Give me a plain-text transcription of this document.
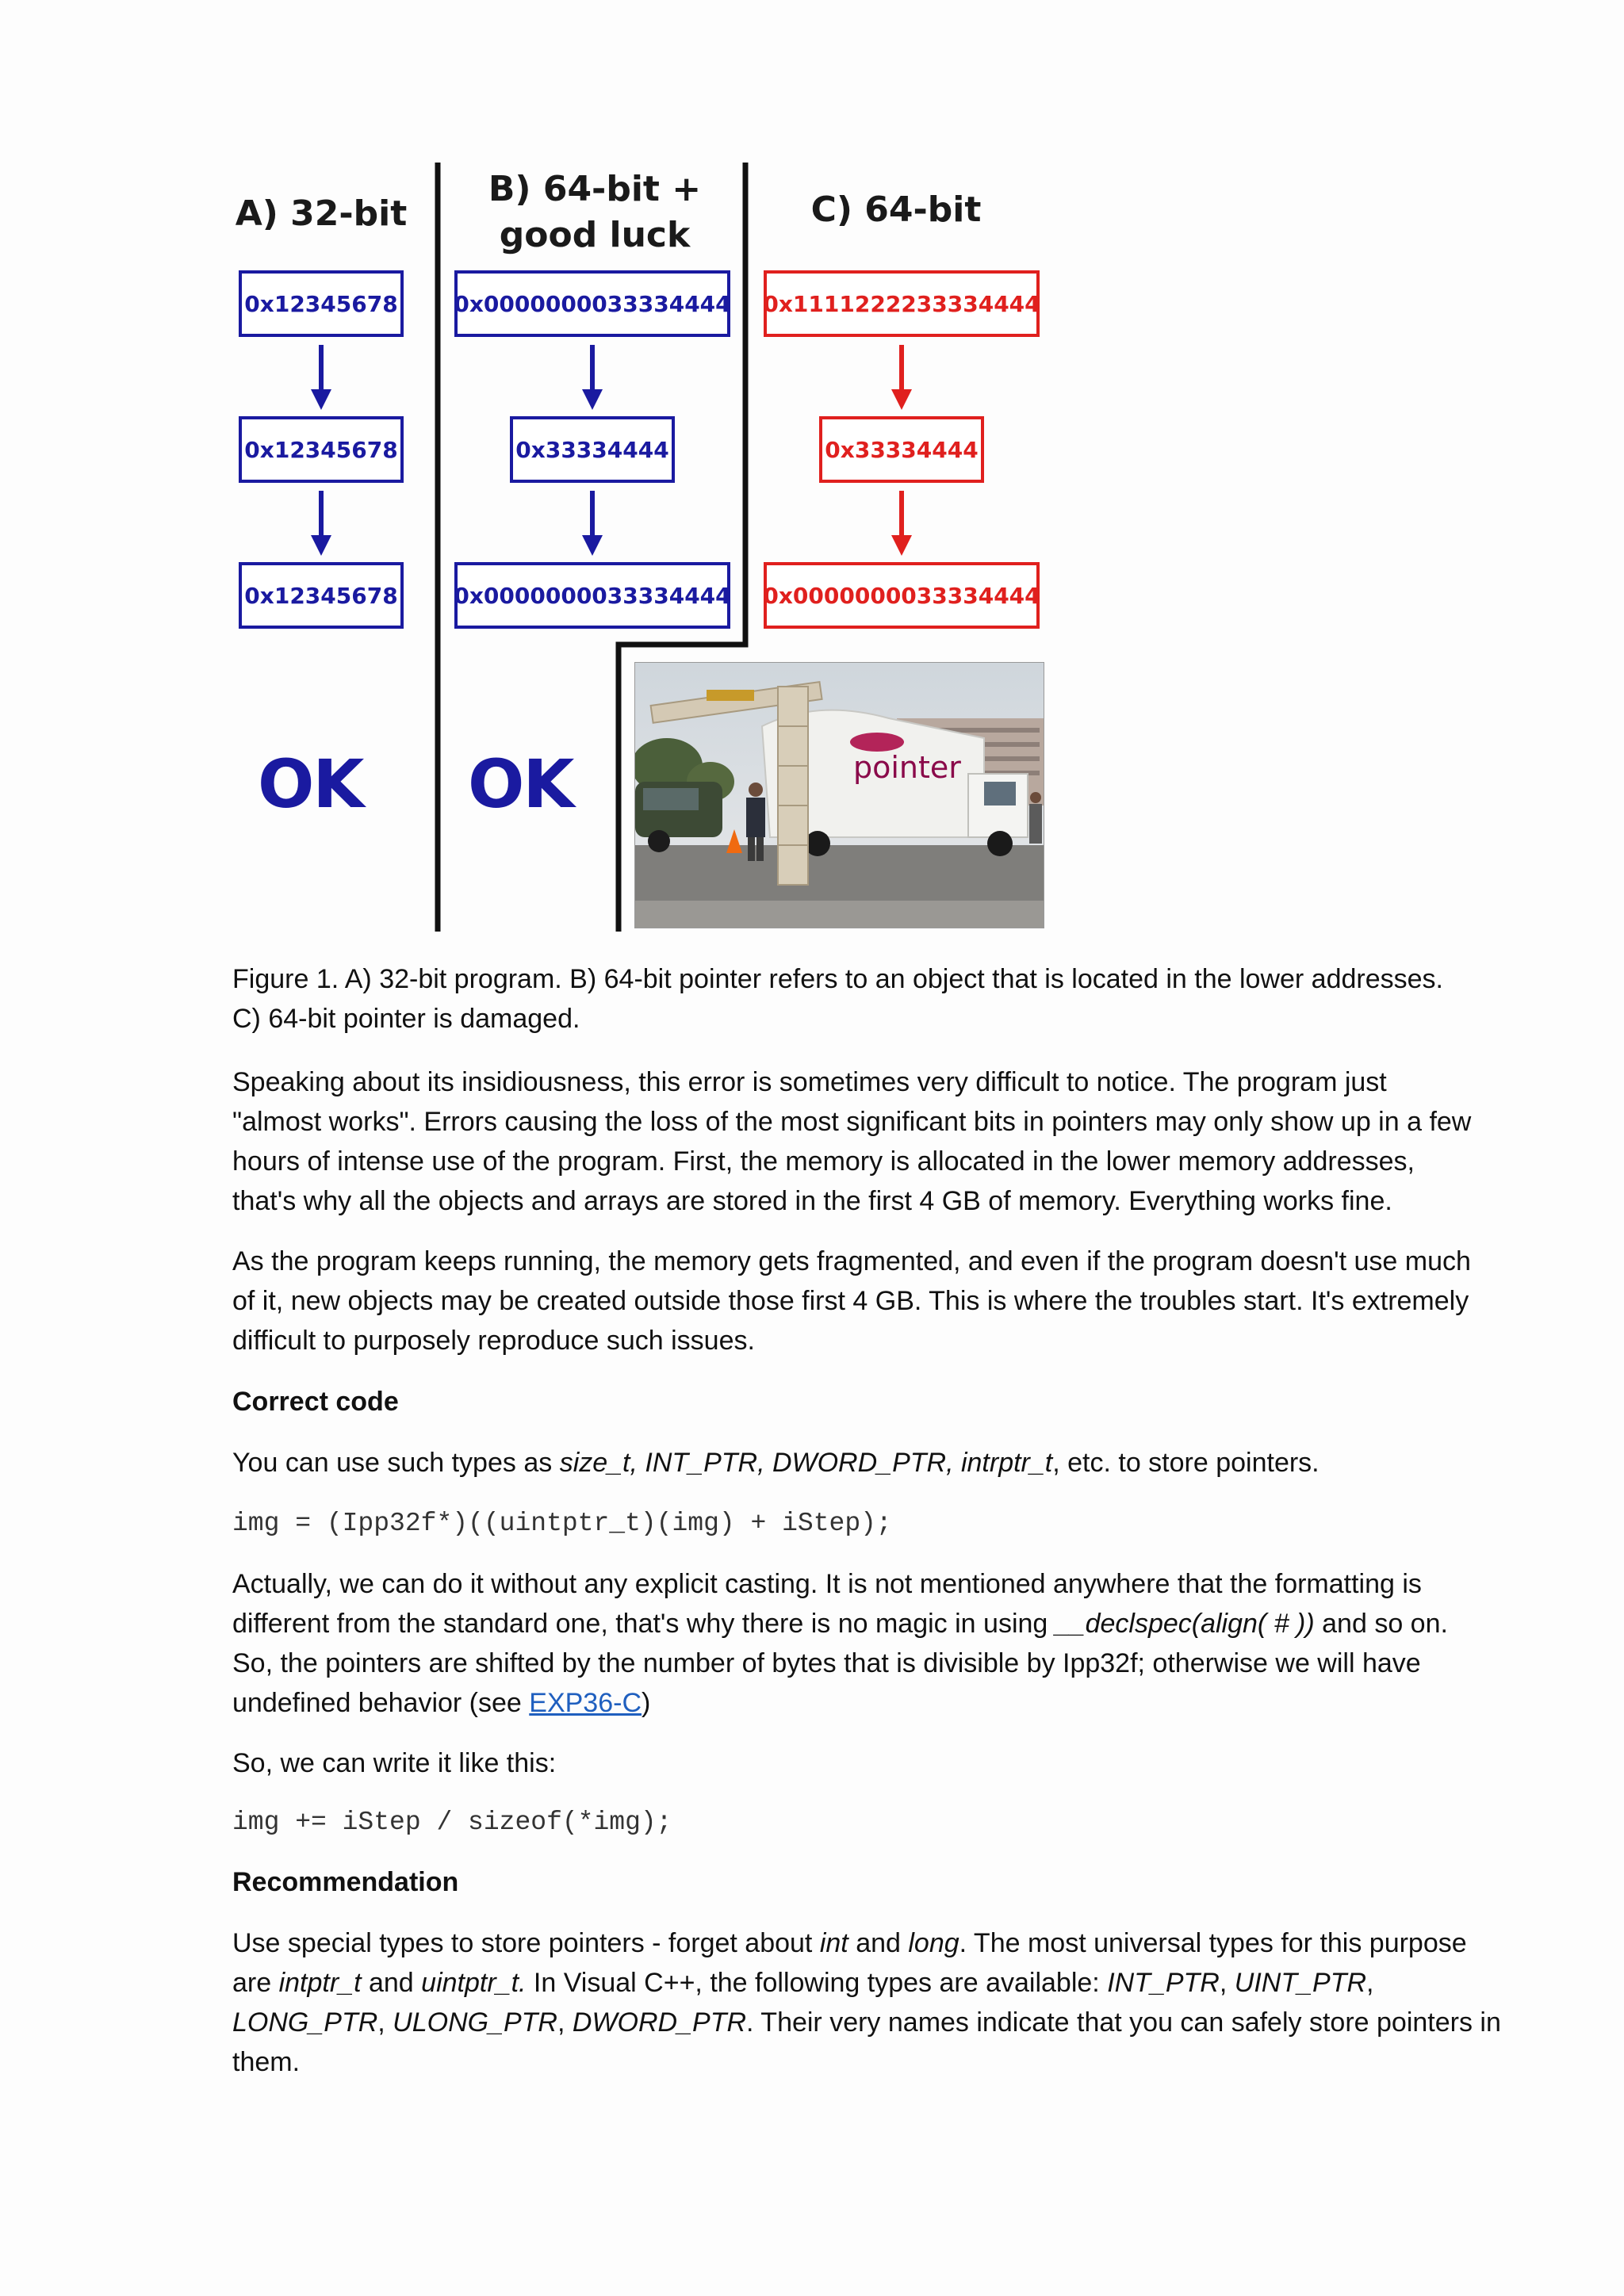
A) 32-bit
B) 64-bit +
good luck
C) 64-bit
0x12345678
0x12345678
0x12345678
0x0000000033334444
0x33334444
0x0000000033334444
0x1111222233334444
0x33334444
0x0000000033334444
OK OK	pointer

Figure 1. A) 32-bit program. B) 64-bit pointer refers to an object that is located in the lower addresses.
C) 64-bit pointer is damaged.

Speaking about its insidiousness, this error is sometimes very difficult to notice. The program just
"almost works". Errors causing the loss of the most significant bits in pointers may only show up in a few
hours of intense use of the program. First, the memory is allocated in the lower memory addresses,
that's why all the objects and arrays are stored in the first 4 GB of memory. Everything works fine.

As the program keeps running, the memory gets fragmented, and even if the program doesn't use much
of it, new objects may be created outside those first 4 GB. This is where the troubles start. It's extremely
difficult to purposely reproduce such issues.

Correct code

You can use such types as size_t, INT_PTR, DWORD_PTR, intrptr_t, etc. to store pointers.

img = (Ipp32f*)((uintptr_t)(img) + iStep);

Actually, we can do it without any explicit casting. It is not mentioned anywhere that the formatting is
different from the standard one, that's why there is no magic in using __declspec(align( # )) and so on.
So, the pointers are shifted by the number of bytes that is divisible by Ipp32f; otherwise we will have
undefined behavior (see EXP36-C)

So, we can write it like this:

img += iStep / sizeof(*img);

Recommendation

Use special types to store pointers - forget about int and long. The most universal types for this purpose
are intptr_t and uintptr_t. In Visual C++, the following types are available: INT_PTR, UINT_PTR,
LONG_PTR, ULONG_PTR, DWORD_PTR. Their very names indicate that you can safely store pointers in
them.
